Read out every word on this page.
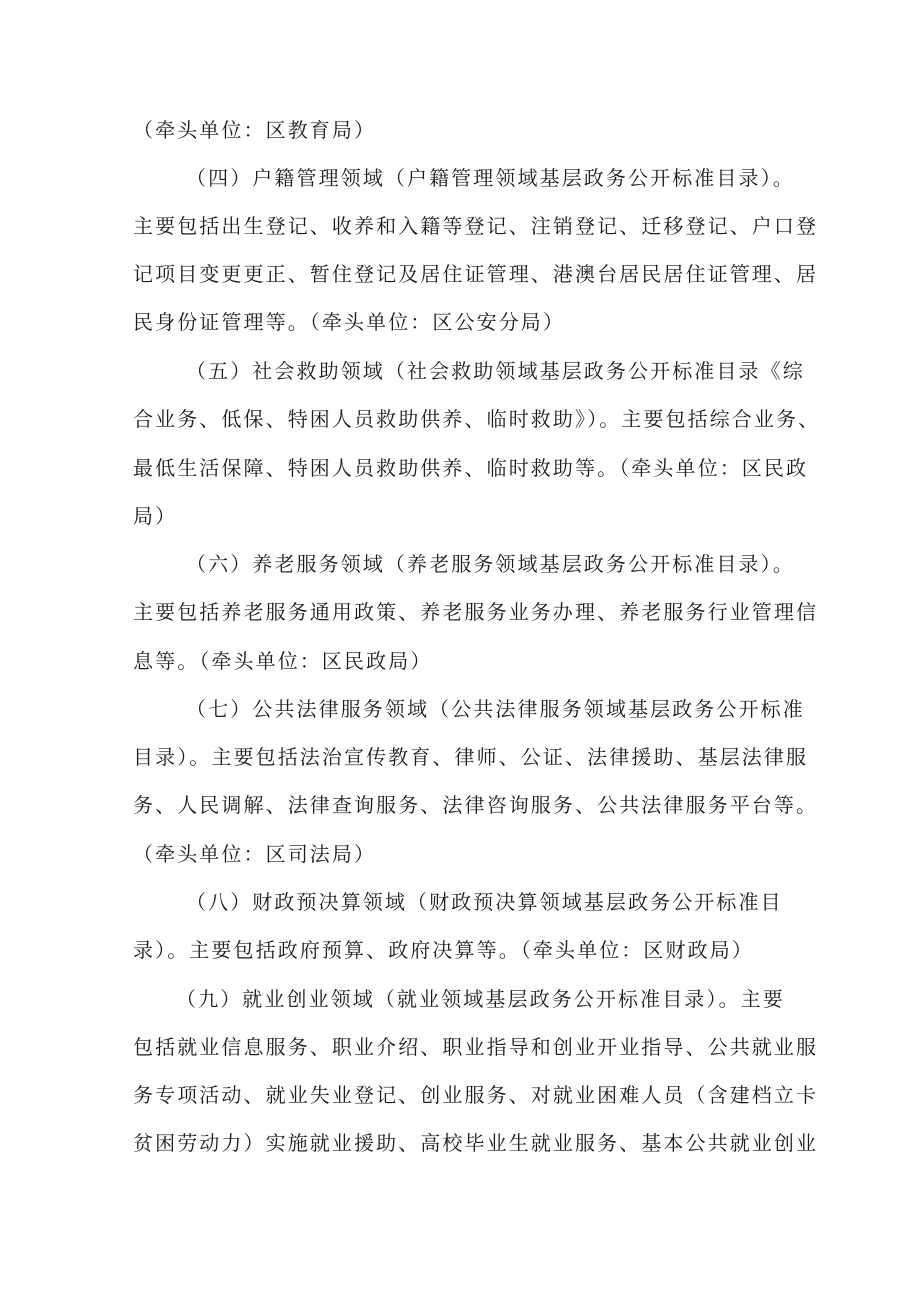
（牵头单位：区教育局）
（四）户籍管理领域（户籍管理领域基层政务公开标准目录）。
主要包括出生登记、收养和入籍等登记、注销登记、迁移登记、户口登
记项目变更更正、暂住登记及居住证管理、港澳台居民居住证管理、居
民身份证管理等。（牵头单位：区公安分局）
（五）社会救助领域（社会救助领域基层政务公开标准目录《综
合业务、低保、特困人员救助供养、临时救助》）。主要包括综合业务、
最低生活保障、特困人员救助供养、临时救助等。（牵头单位：区民政
局）
（六）养老服务领域（养老服务领域基层政务公开标准目录）。
主要包括养老服务通用政策、养老服务业务办理、养老服务行业管理信
息等。（牵头单位：区民政局）
（七）公共法律服务领域（公共法律服务领域基层政务公开标准
目录）。主要包括法治宣传教育、律师、公证、法律援助、基层法律服
务、人民调解、法律查询服务、法律咨询服务、公共法律服务平台等。
（牵头单位：区司法局）
（八）财政预决算领域（财政预决算领域基层政务公开标准目
录）。主要包括政府预算、政府决算等。（牵头单位：区财政局）
（九）就业创业领域（就业领域基层政务公开标准目录）。主要
包括就业信息服务、职业介绍、职业指导和创业开业指导、公共就业服
务专项活动、就业失业登记、创业服务、对就业困难人员（含建档立卡
贫困劳动力）实施就业援助、高校毕业生就业服务、基本公共就业创业
